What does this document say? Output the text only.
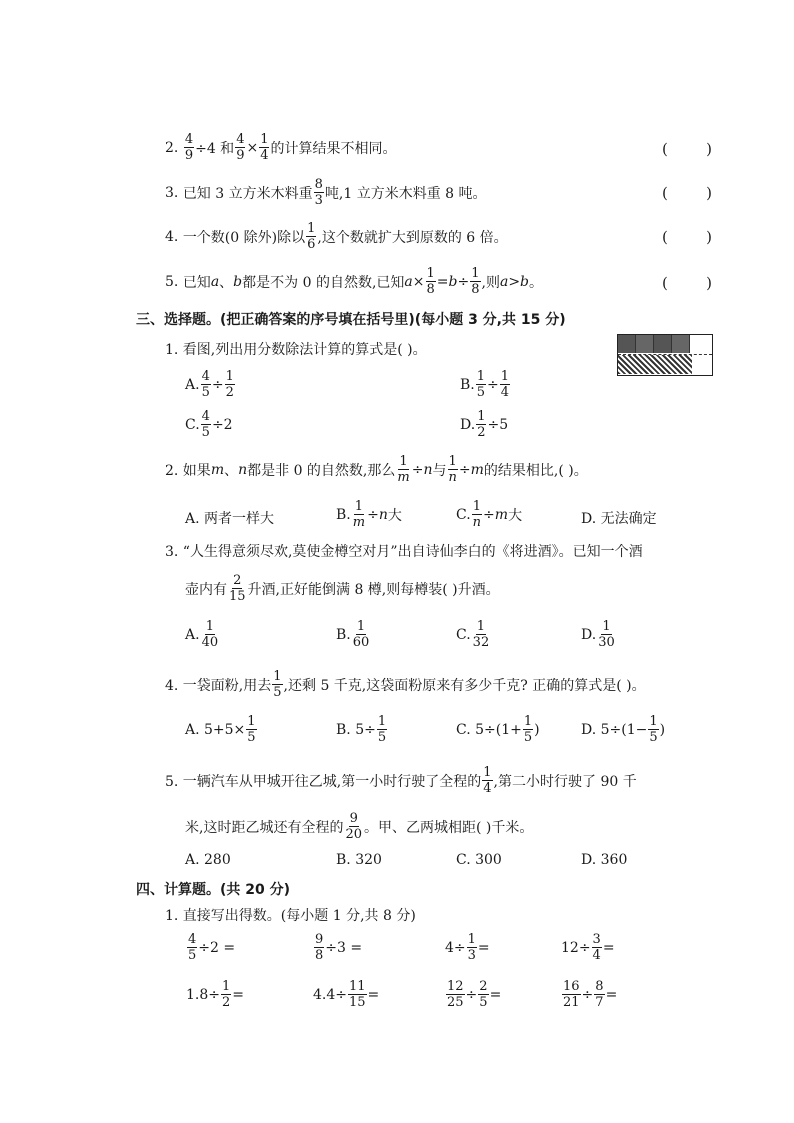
2.
$\frac{4}{9} \div 4$ 和 $\frac{4}{9} \times \frac{1}{4}$ 的计算结果不相同。	(	)
3.
已知 3 立方米木料重 $\frac{8}{3}$ 吨,1 立方米木料重 8 吨。	(	)
4.
一个数(0 除外)除以 $\frac{1}{6}$ ,这个数就扩大到原数的 6 倍。	(	)
5.
已知 a 、 b 都是不为 0 的自然数,已知 $a \times \frac{1}{8} = b \div \frac{1}{8}$ ,则 a > b 。	(	)
三、选择题。(把正确答案的序号填在括号里)(每小题 3 分,共 15 分)
1. 看图,列出用分数除法计算的算式是( )。
A. $\frac{4}{5} \div \frac{1}{2}$	B. $\frac{1}{5} \div \frac{1}{4}$
C. $\frac{4}{5} \div 2$	D. $\frac{1}{2} \div 5$
2. 如果 m 、 n 都是非 0 的自然数,那么 $\frac{1}{m} \div n$ 与 $\frac{1}{n} \div m$ 的结果相比,( )。
A. 两者一样大	B. $\frac{1}{m} \div n$ 大	C. $\frac{1}{n} \div m$ 大	D. 无法确定
3. “人生得意须尽欢,莫使金樽空对月”出自诗仙李白的《将进酒》。已知一个酒
壶内有 $\frac{2}{15}$ 升酒,正好能倒满 8 樽,则每樽装( )升酒。
A. $\frac{1}{40}$	B. $\frac{1}{60}$	C. $\frac{1}{32}$	D. $\frac{1}{30}$
4. 一袋面粉,用去 $\frac{1}{5}$ ,还剩 5 千克,这袋面粉原来有多少千克? 正确的算式是( )。
A. $5+5\times \frac{1}{5}$	B. $5\div \frac{1}{5}$	C. $5\div(1+ \frac{1}{5}$ )	D. $5\div(1- \frac{1}{5}$ )
5. 一辆汽车从甲城开往乙城,第一小时行驶了全程的 $\frac{1}{4}$ ,第二小时行驶了 90 千
米,这时距乙城还有全程的 $\frac{9}{20}$ 。甲、乙两城相距( )千米。
A. 280	B. 320	C. 300	D. 360
四、计算题。(共 20 分)
1. 直接写出得数。(每小题 1 分,共 8 分)
$\frac{4}{5} \div 2$ =	$\frac{9}{8} \div 3$ =	$4\div \frac{1}{3}$ =	$12\div \frac{3}{4}$ =
$1.8\div \frac{1}{2}$ =	$4.4\div \frac{11}{15}$ =	$\frac{12}{25} \div \frac{2}{5}$ =	$\frac{16}{21} \div \frac{8}{7}$ =
